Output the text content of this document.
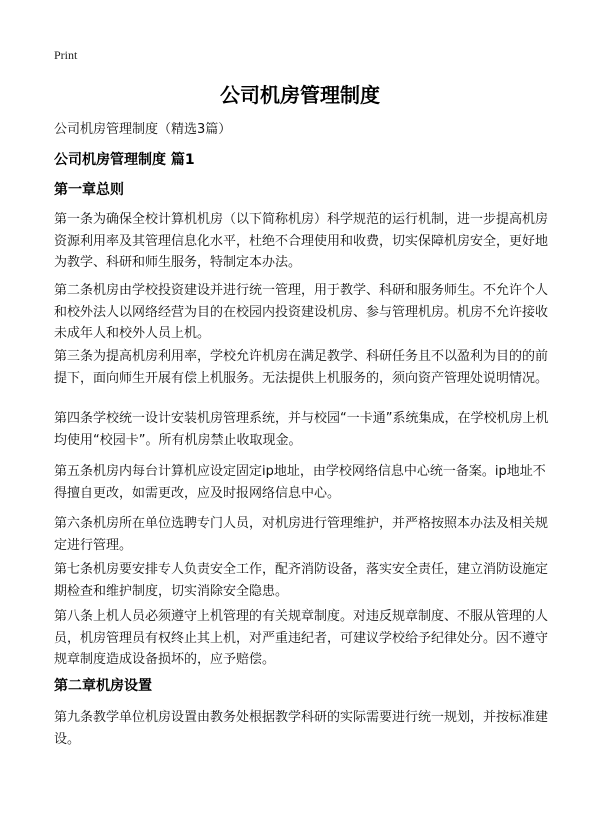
Print
公司机房管理制度

公司机房管理制度（精选3篇）

公司机房管理制度 篇1
第一章总则

第一条为确保全校计算机机房（以下简称机房）科学规范的运行机制，进一步提高机房资源利用率及其管理信息化水平，杜绝不合理使用和收费，切实保障机房安全，更好地为教学、科研和师生服务，特制定本办法。

第二条机房由学校投资建设并进行统一管理，用于教学、科研和服务师生。不允许个人和校外法人以网络经营为目的在校园内投资建设机房、参与管理机房。机房不允许接收未成年人和校外人员上机。

第三条为提高机房利用率，学校允许机房在满足教学、科研任务且不以盈利为目的的前提下，面向师生开展有偿上机服务。无法提供上机服务的，须向资产管理处说明情况。

第四条学校统一设计安装机房管理系统，并与校园“一卡通”系统集成，在学校机房上机均使用“校园卡”。所有机房禁止收取现金。

第五条机房内每台计算机应设定固定ip地址，由学校网络信息中心统一备案。ip地址不得擅自更改，如需更改，应及时报网络信息中心。

第六条机房所在单位选聘专门人员，对机房进行管理维护，并严格按照本办法及相关规定进行管理。

第七条机房要安排专人负责安全工作，配齐消防设备，落实安全责任，建立消防设施定期检查和维护制度，切实消除安全隐患。

第八条上机人员必须遵守上机管理的有关规章制度。对违反规章制度、不服从管理的人员，机房管理员有权终止其上机，对严重违纪者，可建议学校给予纪律处分。因不遵守规章制度造成设备损坏的，应予赔偿。

第二章机房设置

第九条教学单位机房设置由教务处根据教学科研的实际需要进行统一规划，并按标准建设。
